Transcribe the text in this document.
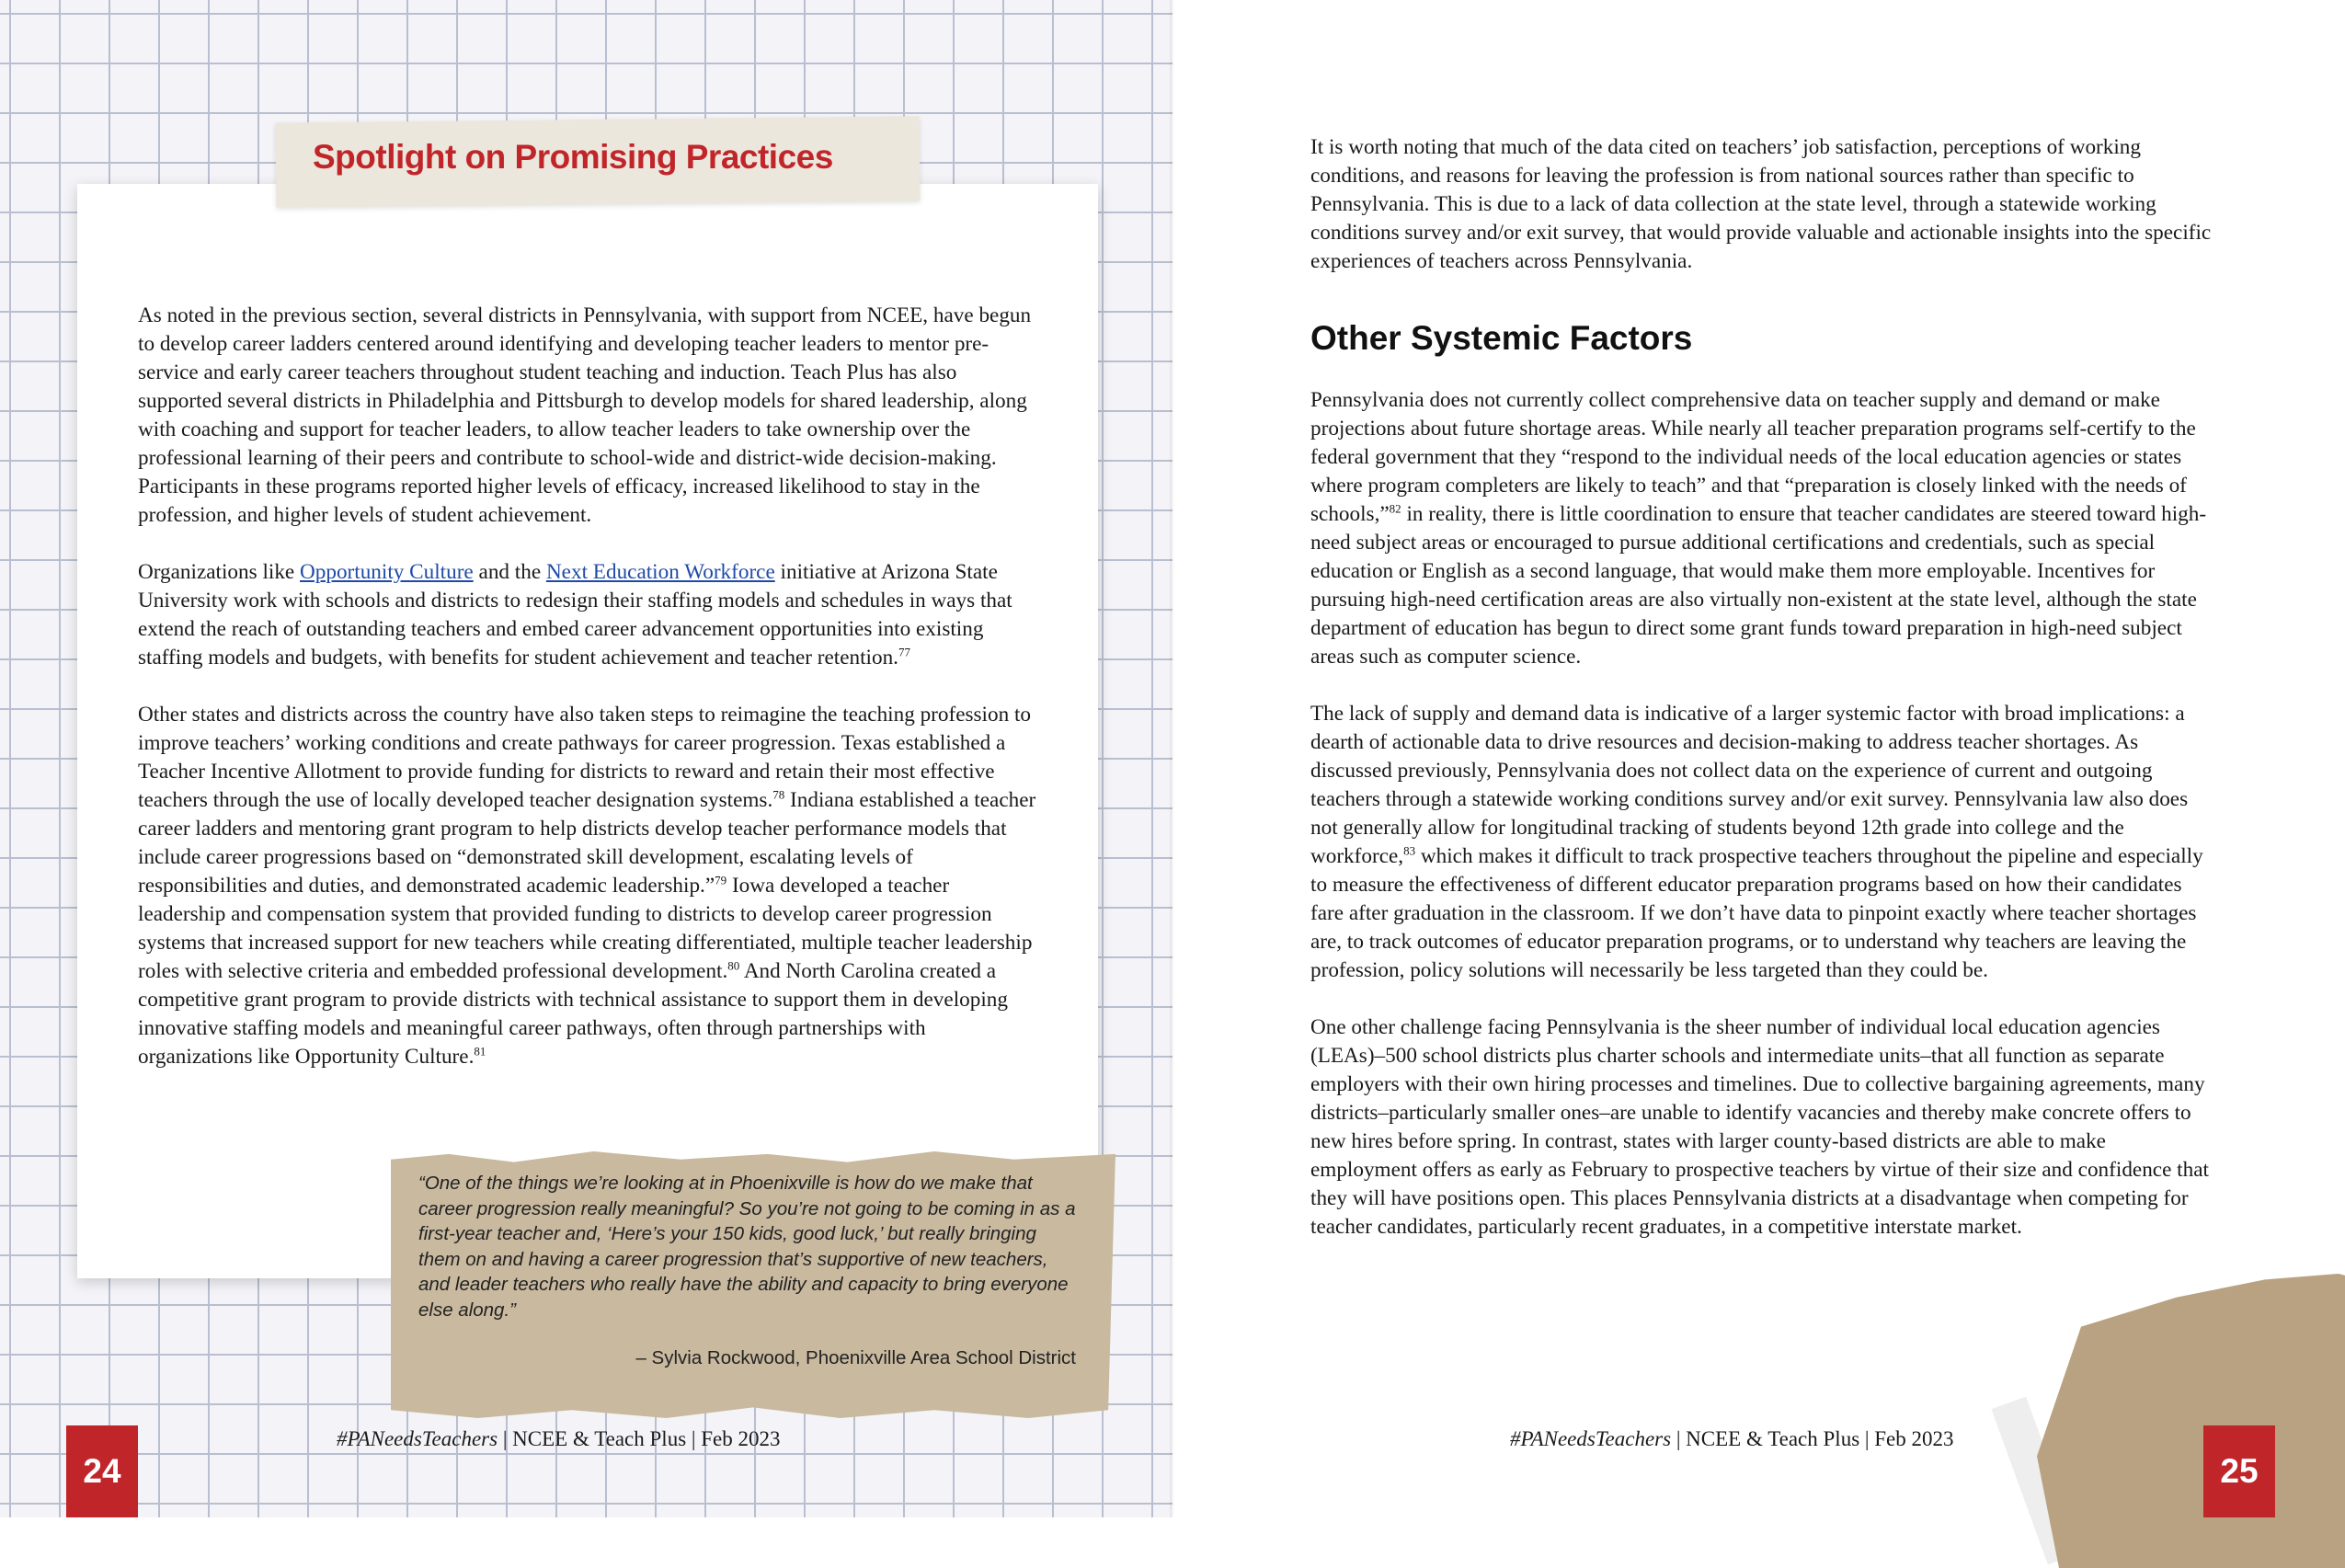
Spotlight on Promising Practices

As noted in the previous section, several districts in Pennsylvania, with support from NCEE, have begun to develop career ladders centered around identifying and developing teacher leaders to mentor pre-service and early career teachers throughout student teaching and induction. Teach Plus has also supported several districts in Philadelphia and Pittsburgh to develop models for shared leadership, along with coaching and support for teacher leaders, to allow teacher leaders to take ownership over the professional learning of their peers and contribute to school-wide and district-wide decision-making. Participants in these programs reported higher levels of efficacy, increased likelihood to stay in the profession, and higher levels of student achievement.

Organizations like Opportunity Culture and the Next Education Workforce initiative at Arizona State University work with schools and districts to redesign their staffing models and schedules in ways that extend the reach of outstanding teachers and embed career advancement opportunities into existing staffing models and budgets, with benefits for student achievement and teacher retention.$^{77}$

Other states and districts across the country have also taken steps to reimagine the teaching profession to improve teachers’ working conditions and create pathways for career progression. Texas established a Teacher Incentive Allotment to provide funding for districts to reward and retain their most effective teachers through the use of locally developed teacher designation systems.$^{78}$ Indiana established a teacher career ladders and mentoring grant program to help districts develop teacher performance models that include career progressions based on “demonstrated skill development, escalating levels of responsibilities and duties, and demonstrated academic leadership.”$^{79}$ Iowa developed a teacher leadership and compensation system that provided funding to districts to develop career progression systems that increased support for new teachers while creating differentiated, multiple teacher leadership roles with selective criteria and embedded professional development.$^{80}$ And North Carolina created a competitive grant program to provide districts with technical assistance to support them in developing innovative staffing models and meaningful career pathways, often through partnerships with organizations like Opportunity Culture.$^{81}$

“One of the things we’re looking at in Phoenixville is how do we make that career progression really meaningful? So you’re not going to be coming in as a first-year teacher and, ‘Here’s your 150 kids, good luck,’ but really bringing them on and having a career progression that’s supportive of new teachers, and leader teachers who really have the ability and capacity to bring everyone else along.”

– Sylvia Rockwood, Phoenixville Area School District
24
#PANeedsTeachers | NCEE & Teach Plus | Feb 2023

It is worth noting that much of the data cited on teachers’ job satisfaction, perceptions of working conditions, and reasons for leaving the profession is from national sources rather than specific to Pennsylvania. This is due to a lack of data collection at the state level, through a statewide working conditions survey and/or exit survey, that would provide valuable and actionable insights into the specific experiences of teachers across Pennsylvania.

Other Systemic Factors

Pennsylvania does not currently collect comprehensive data on teacher supply and demand or make projections about future shortage areas. While nearly all teacher preparation programs self-certify to the federal government that they “respond to the individual needs of the local education agencies or states where program completers are likely to teach” and that “preparation is closely linked with the needs of schools,”$^{82}$ in reality, there is little coordination to ensure that teacher candidates are steered toward high-need subject areas or encouraged to pursue additional certifications and credentials, such as special education or English as a second language, that would make them more employable. Incentives for pursuing high-need certification areas are also virtually non-existent at the state level, although the state department of education has begun to direct some grant funds toward preparation in high-need subject areas such as computer science.

The lack of supply and demand data is indicative of a larger systemic factor with broad implications: a dearth of actionable data to drive resources and decision-making to address teacher shortages. As discussed previously, Pennsylvania does not collect data on the experience of current and outgoing teachers through a statewide working conditions survey and/or exit survey. Pennsylvania law also does not generally allow for longitudinal tracking of students beyond 12th grade into college and the workforce,$^{83}$ which makes it difficult to track prospective teachers throughout the pipeline and especially to measure the effectiveness of different educator preparation programs based on how their candidates fare after graduation in the classroom. If we don’t have data to pinpoint exactly where teacher shortages are, to track outcomes of educator preparation programs, or to understand why teachers are leaving the profession, policy solutions will necessarily be less targeted than they could be.

One other challenge facing Pennsylvania is the sheer number of individual local education agencies (LEAs)–500 school districts plus charter schools and intermediate units–that all function as separate employers with their own hiring processes and timelines. Due to collective bargaining agreements, many districts–particularly smaller ones–are unable to identify vacancies and thereby make concrete offers to new hires before spring. In contrast, states with larger county-based districts are able to make employment offers as early as February to prospective teachers by virtue of their size and confidence that they will have positions open. This places Pennsylvania districts at a disadvantage when competing for teacher candidates, particularly recent graduates, in a competitive interstate market.

#PANeedsTeachers | NCEE & Teach Plus | Feb 2023
25
